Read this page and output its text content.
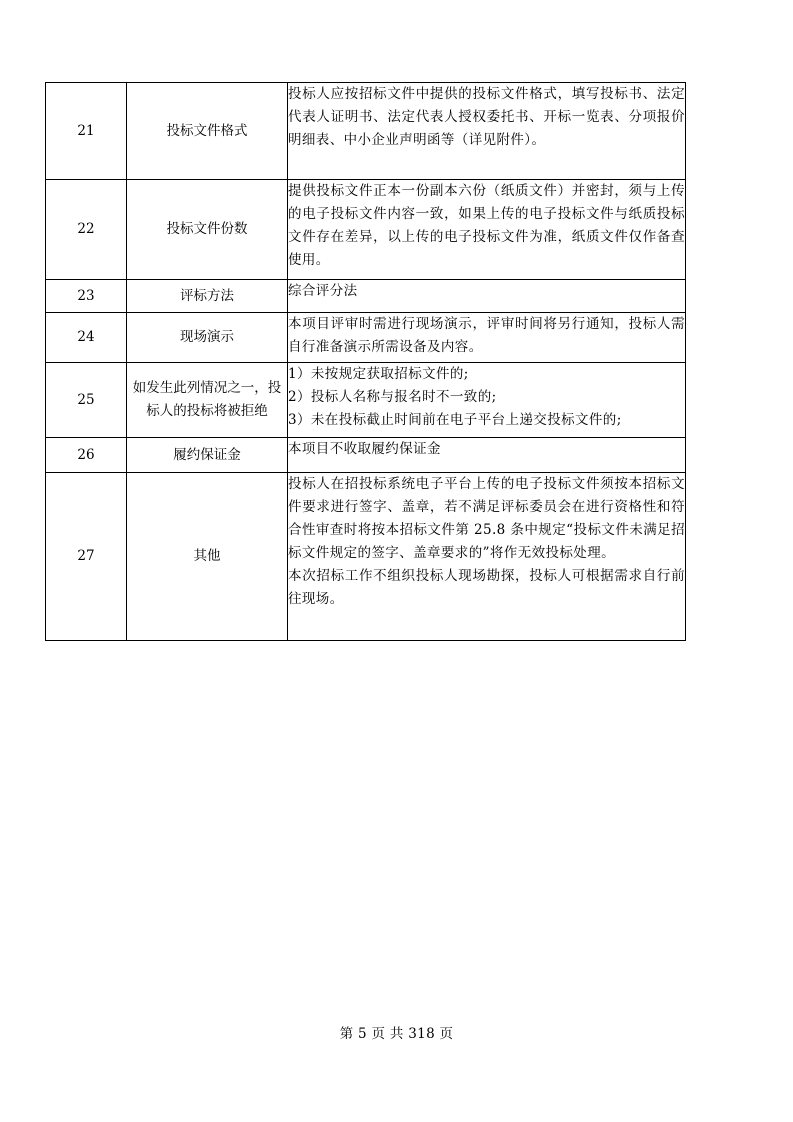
21	投标文件格式	投标人应按招标文件中提供的投标文件格式，填写投标书、法定代表人证明书、法定代表人授权委托书、开标一览表、分项报价明细表、中小企业声明函等（详见附件）。

22	投标文件份数	提供投标文件正本一份副本六份（纸质文件）并密封，须与上传的电子投标文件内容一致，如果上传的电子投标文件与纸质投标文件存在差异，以上传的电子投标文件为准，纸质文件仅作备查使用。

23	评标方法	综合评分法

24	现场演示	本项目评审时需进行现场演示，评审时间将另行通知，投标人需自行准备演示所需设备及内容。

25	如发生此列情况之一，投标人的投标将被拒绝	1）未按规定获取招标文件的;
2）投标人名称与报名时不一致的;
3）未在投标截止时间前在电子平台上递交投标文件的;

26	履约保证金	本项目不收取履约保证金

27	其他	投标人在招投标系统电子平台上传的电子投标文件须按本招标文件要求进行签字、盖章，若不满足评标委员会在进行资格性和符合性审查时将按本招标文件第 25.8 条中规定“投标文件未满足招标文件规定的签字、盖章要求的”将作无效投标处理。
本次招标工作不组织投标人现场勘探，投标人可根据需求自行前往现场。
第 5 页 共 318 页
